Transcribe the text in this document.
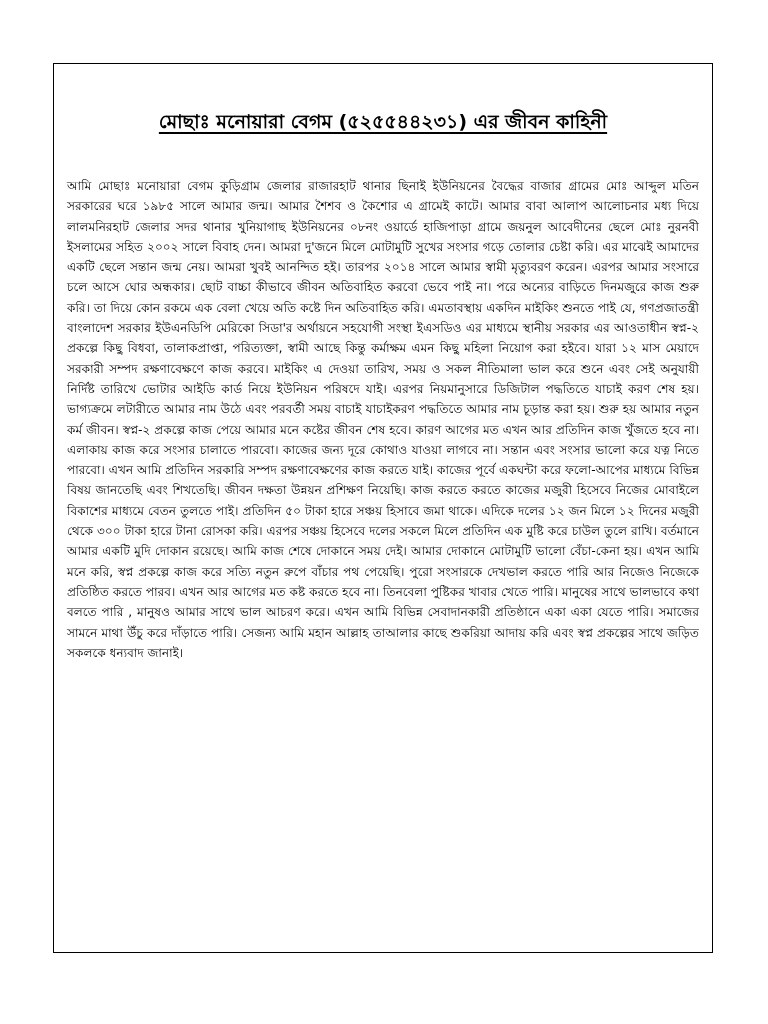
মোছাঃ মনোয়ারা বেগম (৫২৫৫৪৪২৩১) এর জীবন কাহিনী

আমি মোছাঃ মনোয়ারা বেগম কুড়িগ্রাম জেলার রাজারহাট থানার ছিনাই ইউনিয়নের বৈদ্ধের বাজার গ্রামের মোঃ আব্দুল মতিন সরকারের ঘরে ১৯৮৫ সালে আমার জন্ম। আমার শৈশব ও কৈশোর এ গ্রামেই কাটে। আমার বাবা আলাপ আলোচনার মধ্য দিয়ে লালমনিরহাট জেলার সদর থানার খুনিয়াগাছ ইউনিয়নের ০৮নং ওয়ার্ডে হাজিপাড়া গ্রামে জয়নুল আবেদীনের ছেলে মোঃ নুরনবী ইসলামের সহিত ২০০২ সালে বিবাহ দেন। আমরা দু'জনে মিলে মোটামুটি সুখের সংসার গড়ে তোলার চেষ্টা করি। এর মাঝেই আমাদের একটি ছেলে সন্তান জন্ম নেয়। আমরা খুবই আনন্দিত হই। তারপর ২০১৪ সালে আমার স্বামী মৃত্যুবরণ করেন। এরপর আমার সংসারে চলে আসে ঘোর অন্ধকার। ছোট বাচ্চা কীভাবে জীবন অতিবাহিত করবো ভেবে পাই না। পরে অন্যের বাড়িতে দিনমজুরে কাজ শুরু করি। তা দিয়ে কোন রকমে এক বেলা খেয়ে অতি কষ্টে দিন অতিবাহিত করি। এমতাবস্থায় একদিন মাইকিং শুনতে পাই যে, গণপ্রজাতন্ত্রী বাংলাদেশ সরকার ইউএনডিপি মেরিকো সিডা'র অর্থায়নে সহযোগী সংস্থা ইএসডিও এর মাধ্যমে স্থানীয় সরকার এর আওতাধীন স্বপ্ন-২ প্রকল্পে কিছু বিধবা, তালাকপ্রাপ্তা, পরিত্যক্তা, স্বামী আছে কিন্তু কর্মাক্ষম এমন কিছু মহিলা নিয়োগ করা হইবে। যারা ১২ মাস মেয়াদে সরকারী সম্পদ রক্ষণাবেক্ষণে কাজ করবে। মাইকিং এ দেওয়া তারিখ, সময় ও সকল নীতিমালা ভাল করে শুনে এবং সেই অনুযায়ী নির্দিষ্ট তারিখে ভোটার আইডি কার্ড নিয়ে ইউনিয়ন পরিষদে যাই। এরপর নিয়মানুসারে ডিজিটাল পদ্ধতিতে যাচাই করণ শেষ হয়। ভাগ্যক্রমে লটারীতে আমার নাম উঠে এবং পরবর্তী সময় বাচাই যাচাইকরণ পদ্ধতিতে আমার নাম চূড়ান্ত করা হয়। শুরু হয় আমার নতুন কর্ম জীবন। স্বপ্ন-২ প্রকল্পে কাজ পেয়ে আমার মনে কষ্টের জীবন শেষ হবে। কারণ আগের মত এখন আর প্রতিদিন কাজ খুঁজতে হবে না। এলাকায় কাজ করে সংসার চালাতে পারবো। কাজের জন্য দূরে কোথাও যাওয়া লাগবে না। সন্তান এবং সংসার ভালো করে যত্ন নিতে পারবো। এখন আমি প্রতিদিন সরকারি সম্পদ রক্ষণাবেক্ষণের কাজ করতে যাই। কাজের পূর্বে একঘন্টা করে ফলো-আপের মাধ্যমে বিভিন্ন বিষয় জানতেছি এবং শিখতেছি। জীবন দক্ষতা উন্নয়ন প্রশিক্ষণ নিয়েছি। কাজ করতে করতে কাজের মজুরী হিসেবে নিজের মোবাইলে বিকাশের মাধ্যমে বেতন তুলতে পাই। প্রতিদিন ৫০ টাকা হারে সঞ্চয় হিসাবে জমা থাকে। এদিকে দলের ১২ জন মিলে ১২ দিনের মজুরী থেকে ৩০০ টাকা হারে টানা রোসকা করি। এরপর সঞ্চয় হিসেবে দলের সকলে মিলে প্রতিদিন এক মুষ্টি করে চাউল তুলে রাখি। বর্তমানে আমার একটি মুদি দোকান রয়েছে। আমি কাজ শেষে দোকানে সময় দেই। আমার দোকানে মোটামুটি ভালো বেঁচা-কেনা হয়। এখন আমি মনে করি, স্বপ্ন প্রকল্পে কাজ করে সত্যি নতুন রুপে বাঁচার পথ পেয়েছি। পুরো সংসারকে দেখভাল করতে পারি আর নিজেও নিজেকে প্রতিষ্ঠিত করতে পারব। এখন আর আগের মত কষ্ট করতে হবে না। তিনবেলা পুষ্টিকর খাবার খেতে পারি। মানুষের সাথে ভালভাবে কথা বলতে পারি , মানুষও আমার সাথে ভাল আচরণ করে। এখন আমি বিভিন্ন সেবাদানকারী প্রতিষ্ঠানে একা একা যেতে পারি। সমাজের সামনে মাথা উঁচু করে দাঁড়াতে পারি। সেজন্য আমি মহান আল্লাহ তাআলার কাছে শুকরিয়া আদায় করি এবং স্বপ্ন প্রকল্পের সাথে জড়িত সকলকে ধন্যবাদ জানাই।
